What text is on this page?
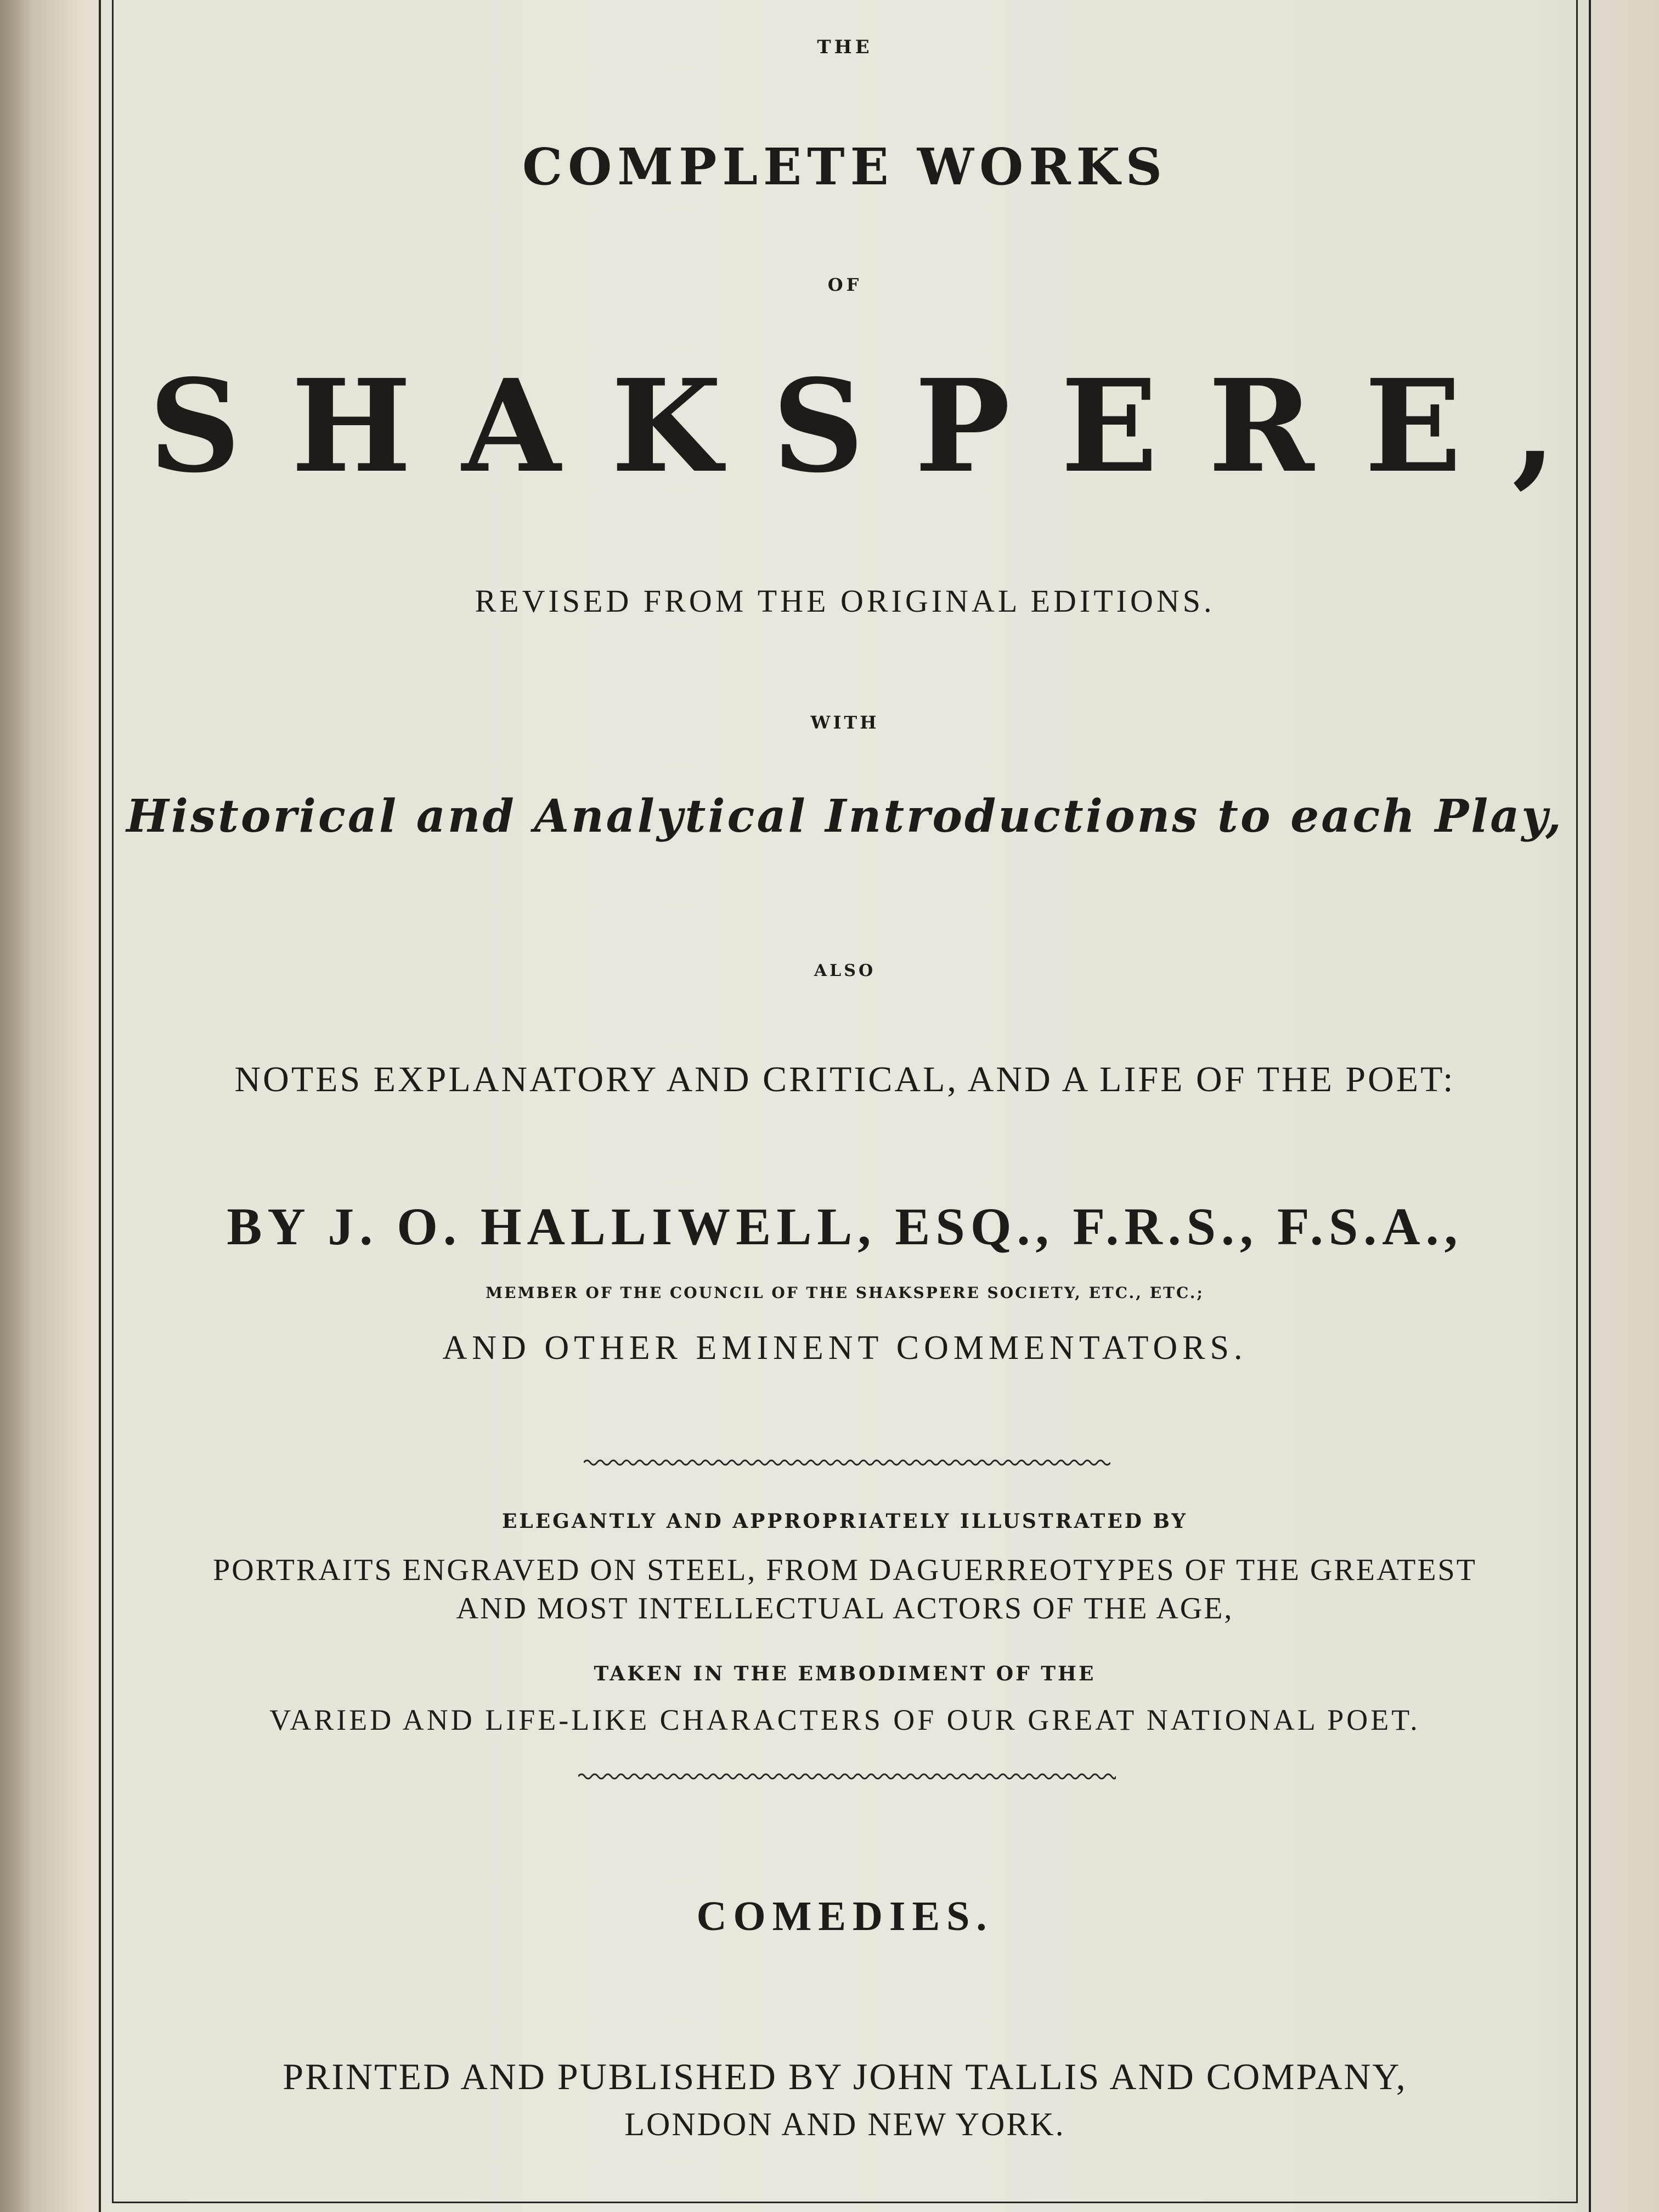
THE
COMPLETE WORKS
OF
SHAKSPERE,
REVISED FROM THE ORIGINAL EDITIONS.
WITH
Historical and Analytical Introductions to each Play,
ALSO
NOTES EXPLANATORY AND CRITICAL, AND A LIFE OF THE POET:
BY J. O. HALLIWELL, ESQ., F.R.S., F.S.A.,
MEMBER OF THE COUNCIL OF THE SHAKSPERE SOCIETY, ETC., ETC.;
AND OTHER EMINENT COMMENTATORS.
ELEGANTLY AND APPROPRIATELY ILLUSTRATED BY
PORTRAITS ENGRAVED ON STEEL, FROM DAGUERREOTYPES OF THE GREATEST
AND MOST INTELLECTUAL ACTORS OF THE AGE,
TAKEN IN THE EMBODIMENT OF THE
VARIED AND LIFE-LIKE CHARACTERS OF OUR GREAT NATIONAL POET.
COMEDIES.
PRINTED AND PUBLISHED BY JOHN TALLIS AND COMPANY,
LONDON AND NEW YORK.
